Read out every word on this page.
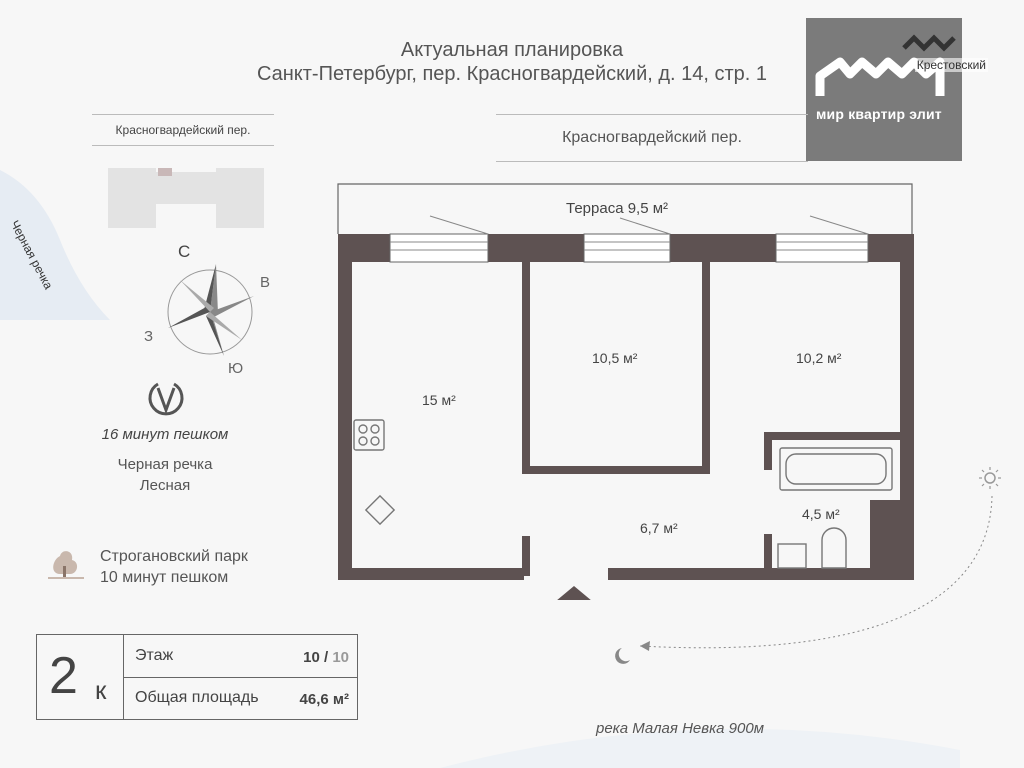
Актуальная планировка
Санкт-Петербург, пер. Красногвардейский, д. 14, стр. 1	Крестовский
мир квартир элит
Красногвардейский пер.	Красногвардейский пер.
Черная речка	С
В
З
Ю
16 минут пешком
Черная речка
Лесная
Строгановский парк
10 минут пешком
2 к
Этаж	10 / 10
Общая площадь	46,6 м²
Терраса 9,5 м²
15 м²
10,5 м²	10,2 м²
6,7 м²
4,5 м²
река Малая Невка 900м
